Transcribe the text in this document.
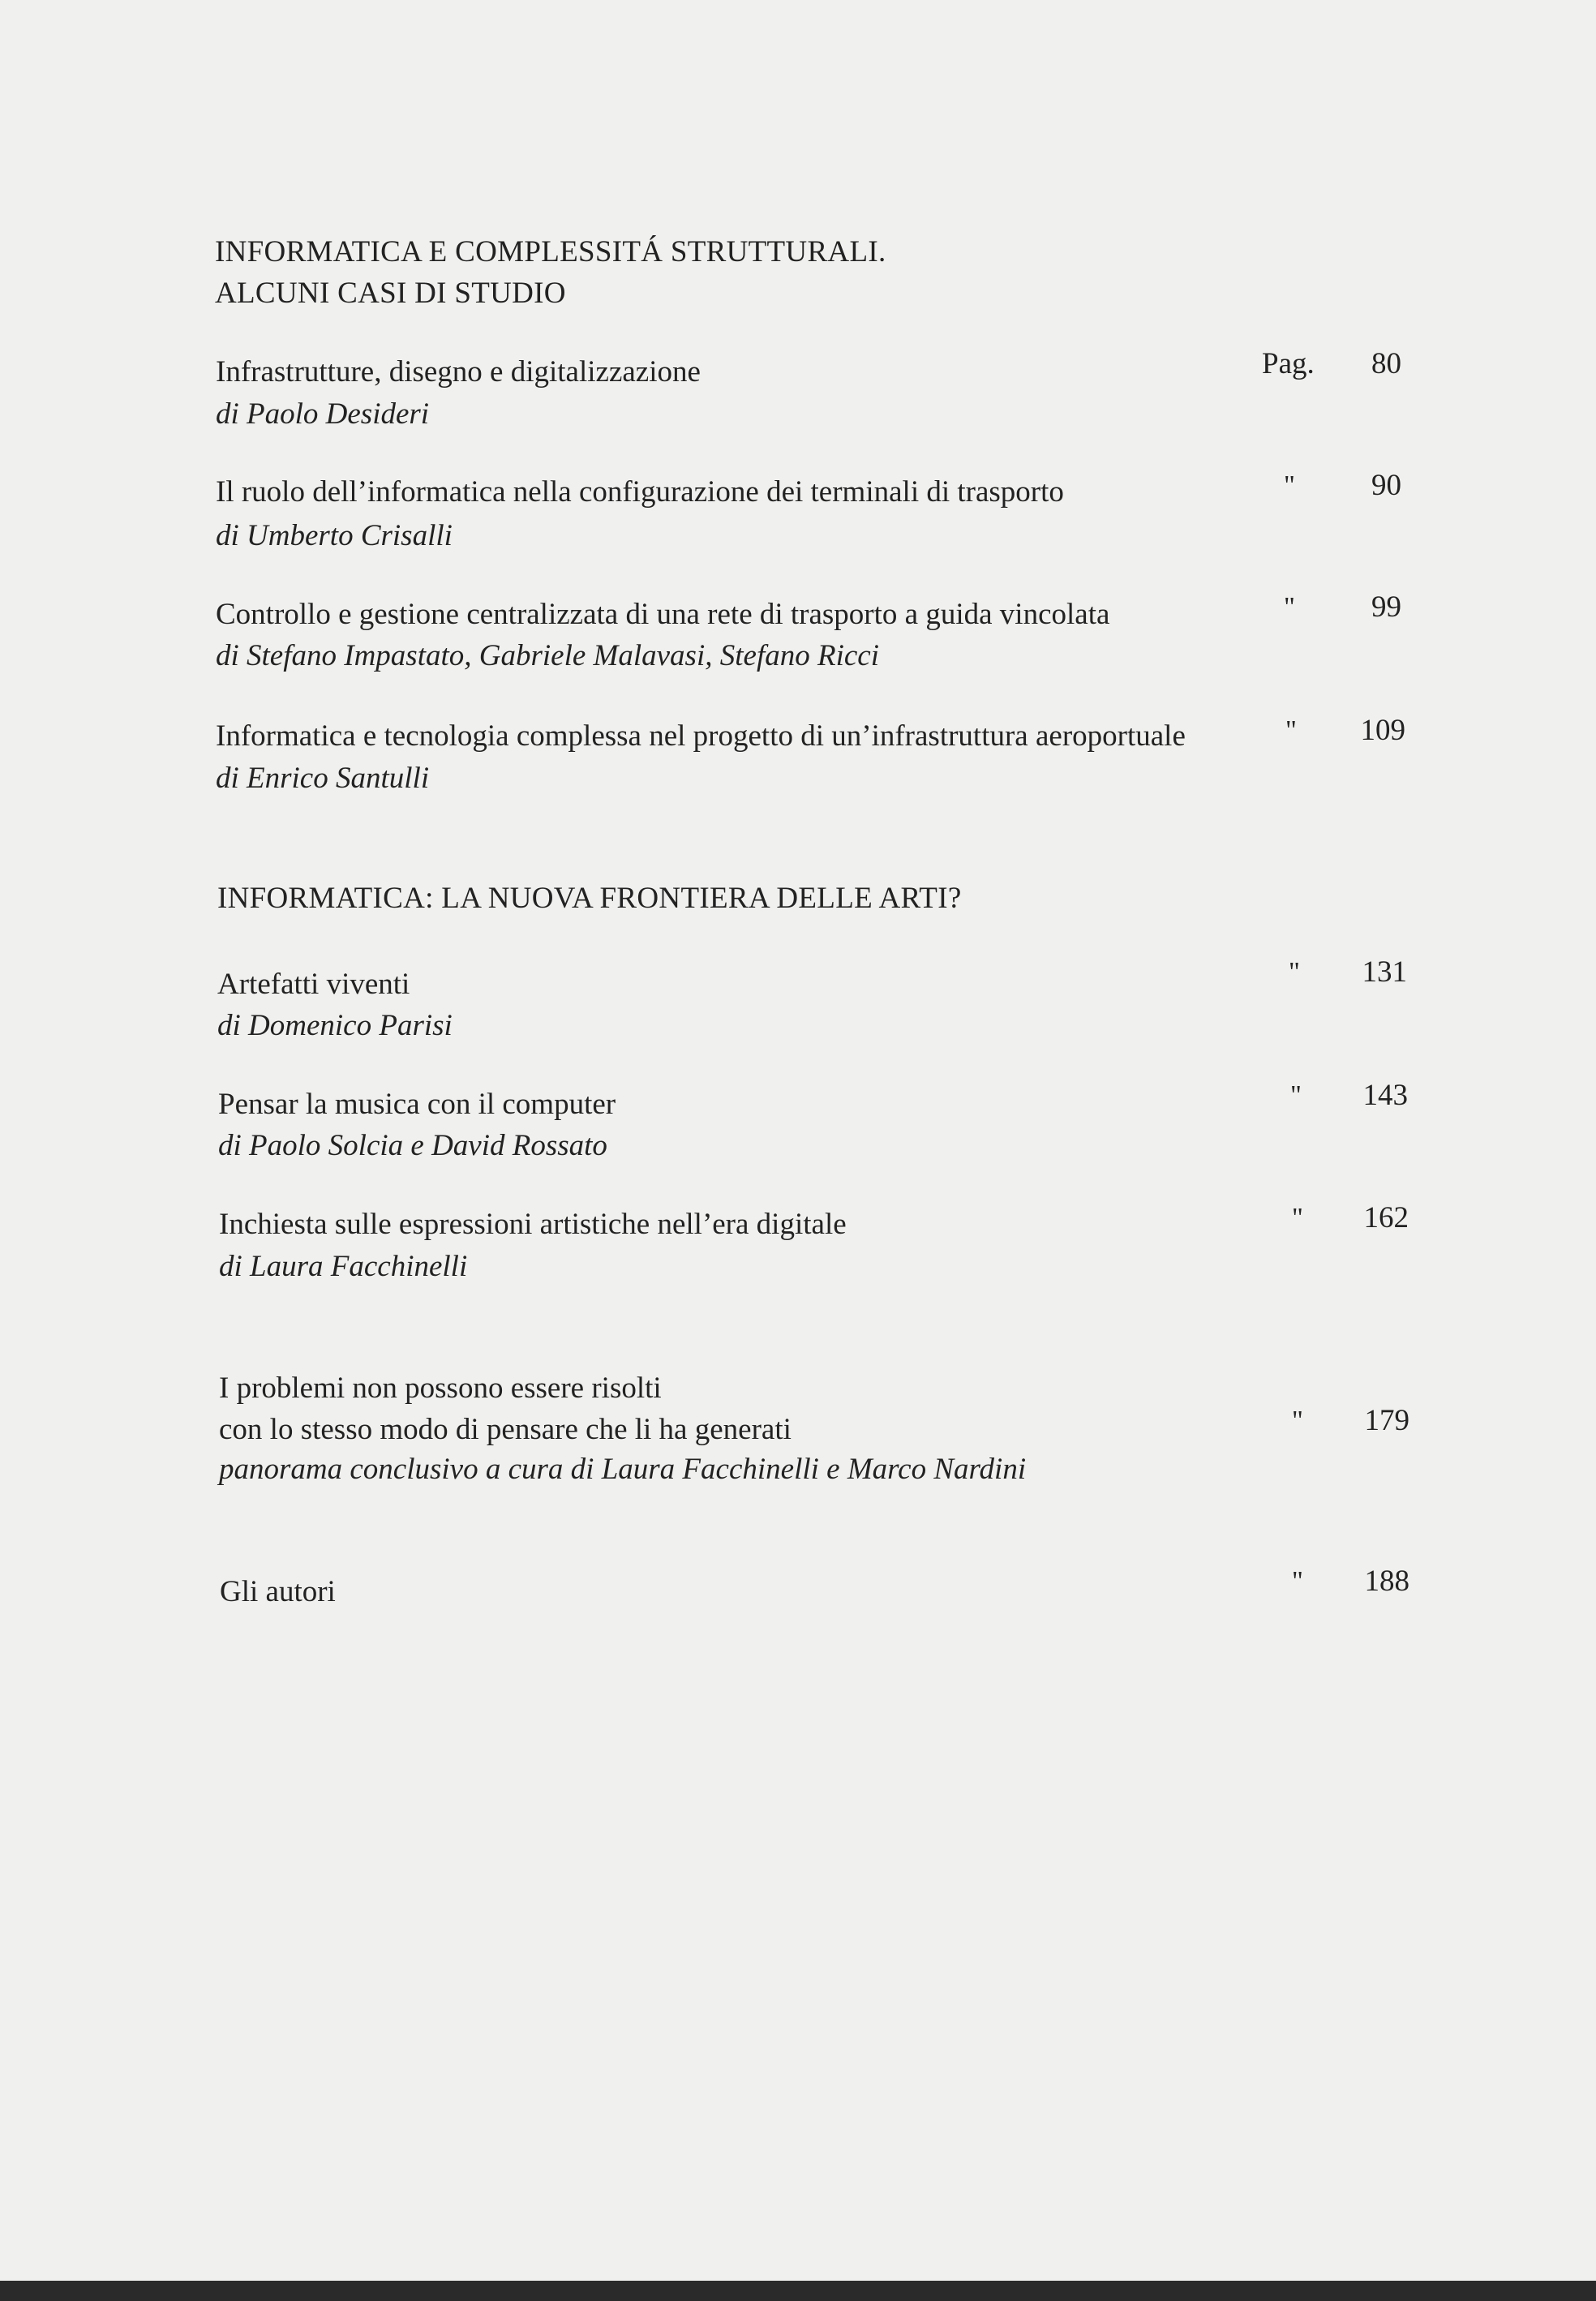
INFORMATICA E COMPLESSITÁ STRUTTURALI.
ALCUNI CASI DI STUDIO
Infrastrutture, disegno e digitalizzazione
di Paolo Desideri
Pag. 80
Il ruolo dell’informatica nella configurazione dei terminali di trasporto
di Umberto Crisalli
"	90
Controllo e gestione centralizzata di una rete di trasporto a guida vincolata
di Stefano Impastato, Gabriele Malavasi, Stefano Ricci
"	99
Informatica e tecnologia complessa nel progetto di un’infrastruttura aeroportuale
di Enrico Santulli
"	109
INFORMATICA: LA NUOVA FRONTIERA DELLE ARTI?
Artefatti viventi
di Domenico Parisi
"	131
Pensar la musica con il computer
di Paolo Solcia e David Rossato
"	143
Inchiesta sulle espressioni artistiche nell’era digitale
di Laura Facchinelli
"	162
I problemi non possono essere risolti
con lo stesso modo di pensare che li ha generati
panorama conclusivo a cura di Laura Facchinelli e Marco Nardini
"	179
Gli autori	"	188
